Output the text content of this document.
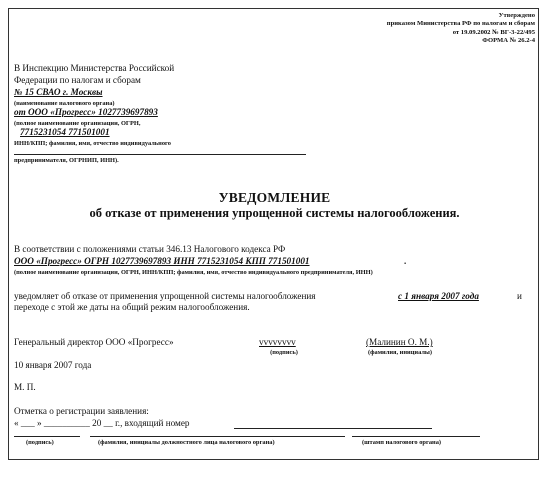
Утверждено
приказом Министерства РФ по налогам и сборам
от 19.09.2002 № ВГ-3-22/495
ФОРМА № 26.2-4
В Инспекцию Министерства Российской
Федерации по налогам и сборам
№ 15 СВАО г. Москвы
(наименование налогового органа)
от ООО «Прогресс» 1027739697893
(полное наименование организации, ОГРН,
7715231054 771501001
ИНН/КПП; фамилия, имя, отчество индивидуального
предпринимателя, ОГРНИП, ИНН).
УВЕДОМЛЕНИЕ
об отказе от применения упрощенной системы налогообложения.
В соответствии с положениями статьи 346.13 Налогового кодекса РФ
ООО «Прогресс» ОГРН 1027739697893 ИНН 7715231054 КПП 771501001	.
(полное наименование организации, ОГРН, ИНН/КПП; фамилия, имя, отчество индивидуального предпринимателя, ИНН)
уведомляет об отказе от применения упрощенной системы налогообложения	с 1 января 2007 года	и
переходе с этой же даты на общий режим налогообложения.
Генеральный директор ООО «Прогресс»	vvvvvvvv
(подпись)
(Малинин О. М.)
(фамилия, инициалы)
10 января 2007 года
М. П.
Отметка о регистрации заявления:
« ___ » __________ 20 __ г., входящий номер
(подпись)	(фамилия, инициалы должностного лица налогового органа)	(штамп налогового органа)
